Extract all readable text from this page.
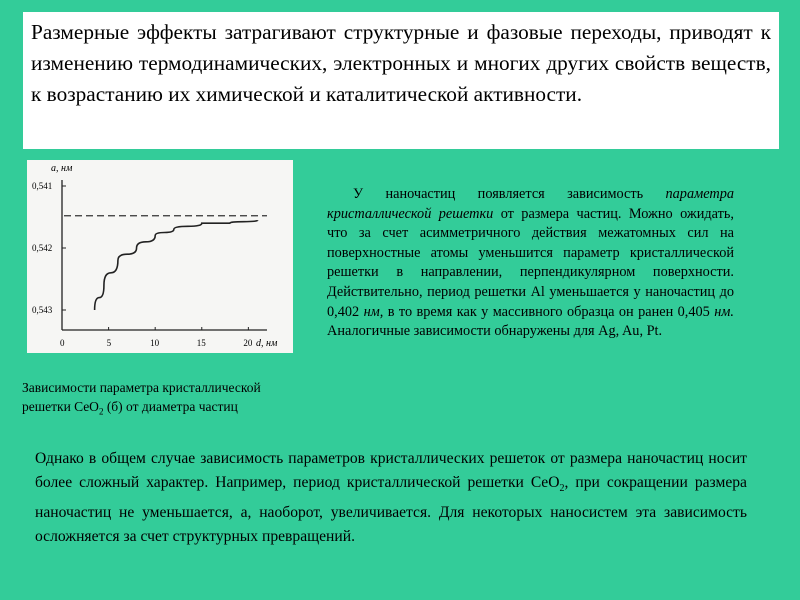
Размерные эффекты затрагивают структурные и фазовые переходы, приводят к изменению термодинамических, электронных и многих других свойств веществ, к возрастанию их химической и каталитической активности.
a, нм
d, нм
0	5	10	15	20
0,541
0,542
0,543
Зависимости параметра кристаллической
решетки CeO$_2$ (б) от диаметра частиц
У наночастиц появляется зависимость параметра кристаллической решетки от размера частиц. Можно ожидать, что за счет асимметричного действия межатомных сил на поверхностные атомы уменьшится параметр кристаллической решетки в направлении, перпендикулярном поверхности. Действительно, период решетки Al уменьшается у наночастиц до 0,402 нм, в то время как у массивного образца он ранен 0,405 нм. Аналогичные зависимости обнаружены для Ag, Au, Pt.
Однако в общем случае зависимость параметров кристаллических решеток от размера наночастиц носит более сложный характер. Например, период кристаллической решетки CeO$_2$, при сокращении размера наночастиц не уменьшается, а, наоборот, увеличивается. Для некоторых наносистем эта зависимость осложняется за счет структурных превращений.
